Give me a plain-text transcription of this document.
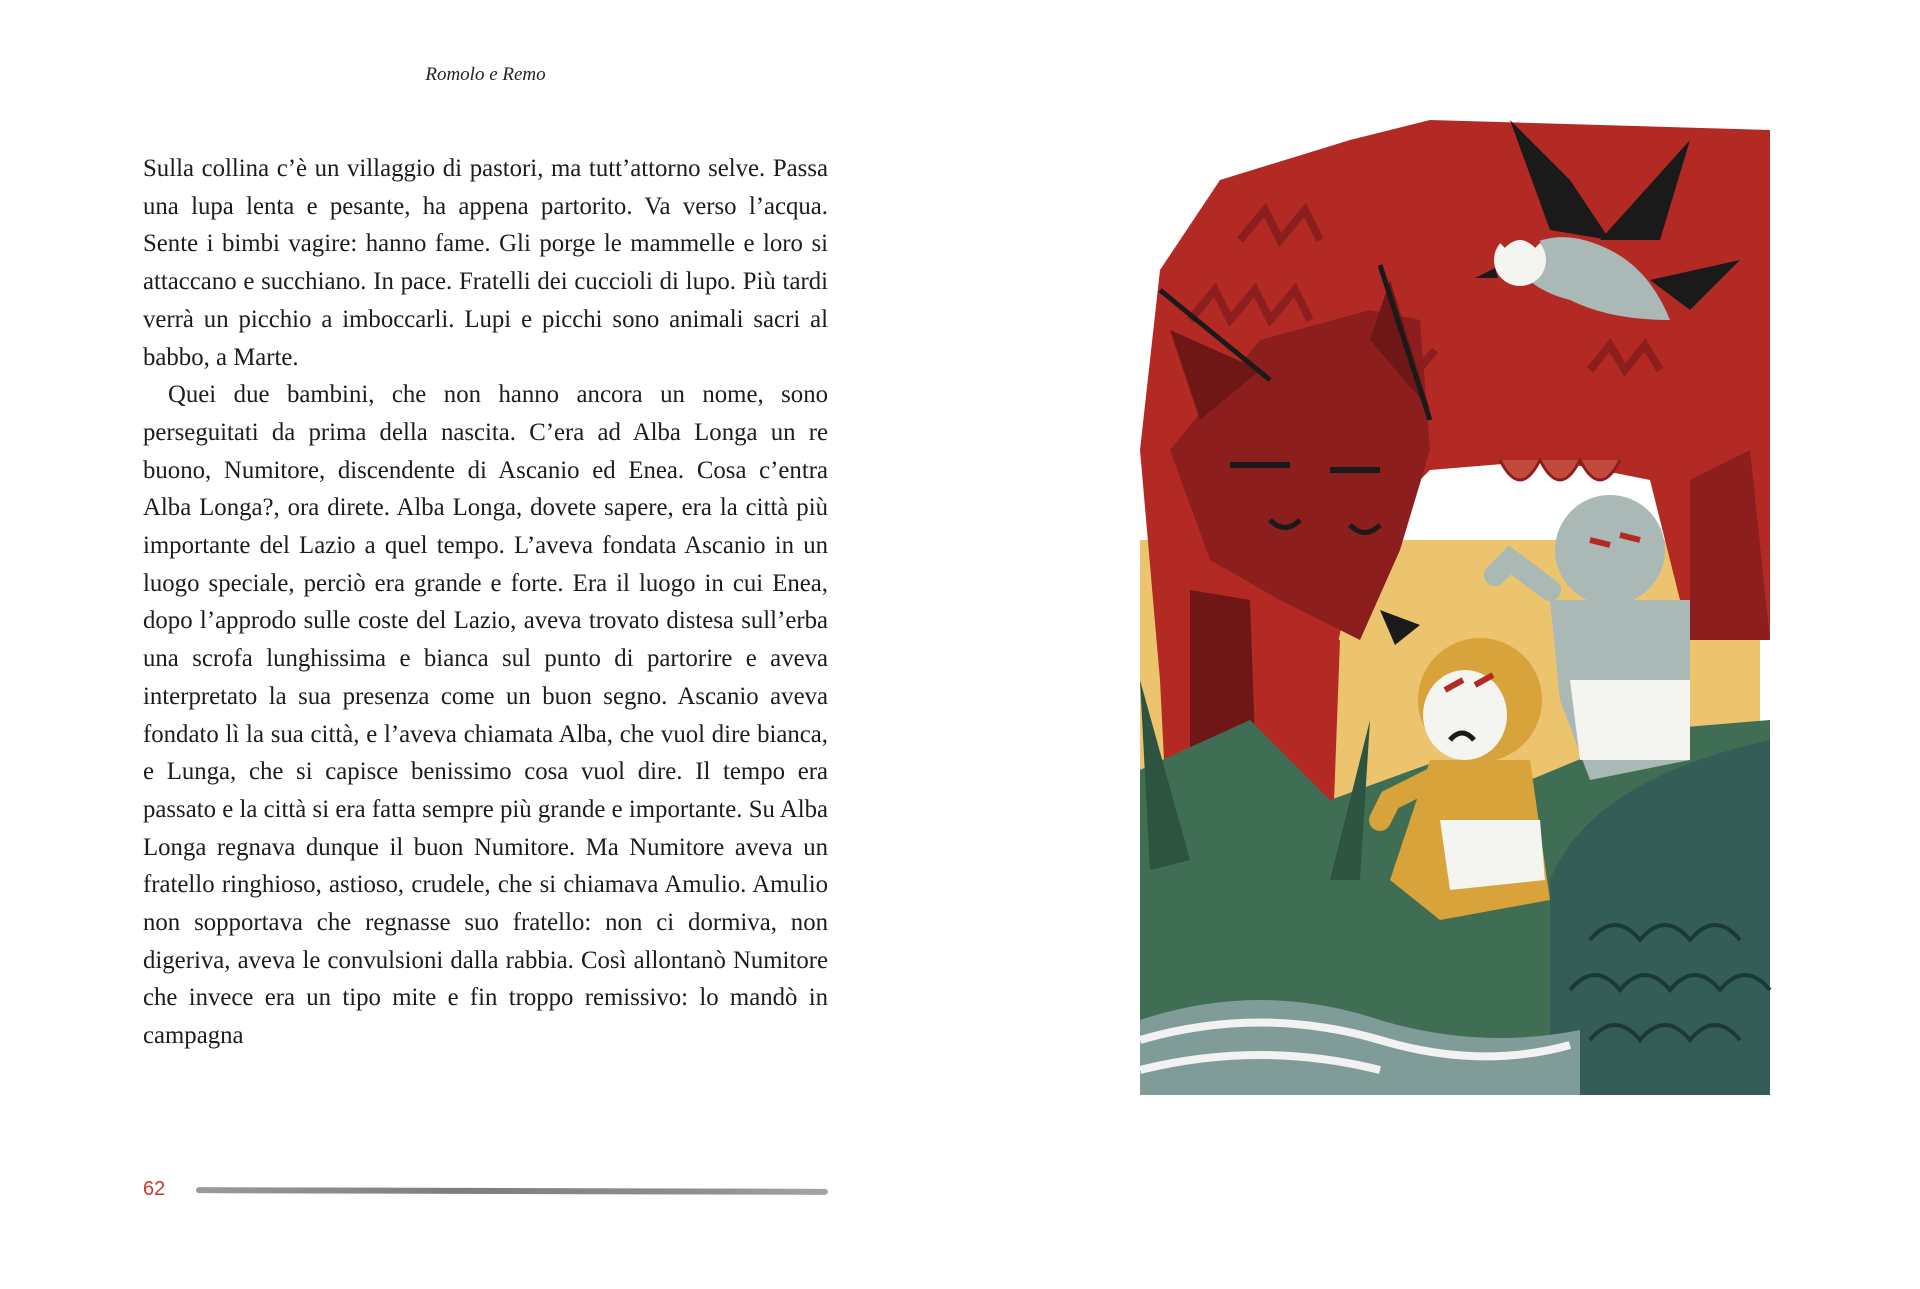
Romolo e Remo

Sulla collina c’è un villaggio di pastori, ma tutt’attorno selve. Passa una lupa lenta e pesante, ha appena partorito. Va verso l’acqua. Sente i bimbi vagire: hanno fame. Gli porge le mammelle e loro si attaccano e succhiano. In pace. Fratelli dei cuccioli di lupo. Più tardi verrà un picchio a imboccarli. Lupi e picchi sono animali sacri al babbo, a Marte.

Quei due bambini, che non hanno ancora un nome, sono perseguitati da prima della nascita. C’era ad Alba Longa un re buono, Numitore, discendente di Ascanio ed Enea. Cosa c’entra Alba Longa?, ora direte. Alba Longa, dovete sapere, era la città più importante del Lazio a quel tempo. L’aveva fondata Ascanio in un luogo speciale, perciò era grande e forte. Era il luogo in cui Enea, dopo l’approdo sulle coste del Lazio, aveva trovato distesa sull’erba una scrofa lunghissima e bianca sul punto di partorire e aveva interpretato la sua presenza come un buon segno. Ascanio aveva fondato lì la sua città, e l’aveva chiamata Alba, che vuol dire bianca, e Lunga, che si capisce benissimo cosa vuol dire. Il tempo era passato e la città si era fatta sempre più grande e importante. Su Alba Longa regnava dunque il buon Numitore. Ma Numitore aveva un fratello ringhioso, astioso, crudele, che si chiamava Amulio. Amulio non sopportava che regnasse suo fratello: non ci dormiva, non digeriva, aveva le convulsioni dalla rabbia. Così allontanò Numitore che invece era un tipo mite e fin troppo remissivo: lo mandò in campagna

62
